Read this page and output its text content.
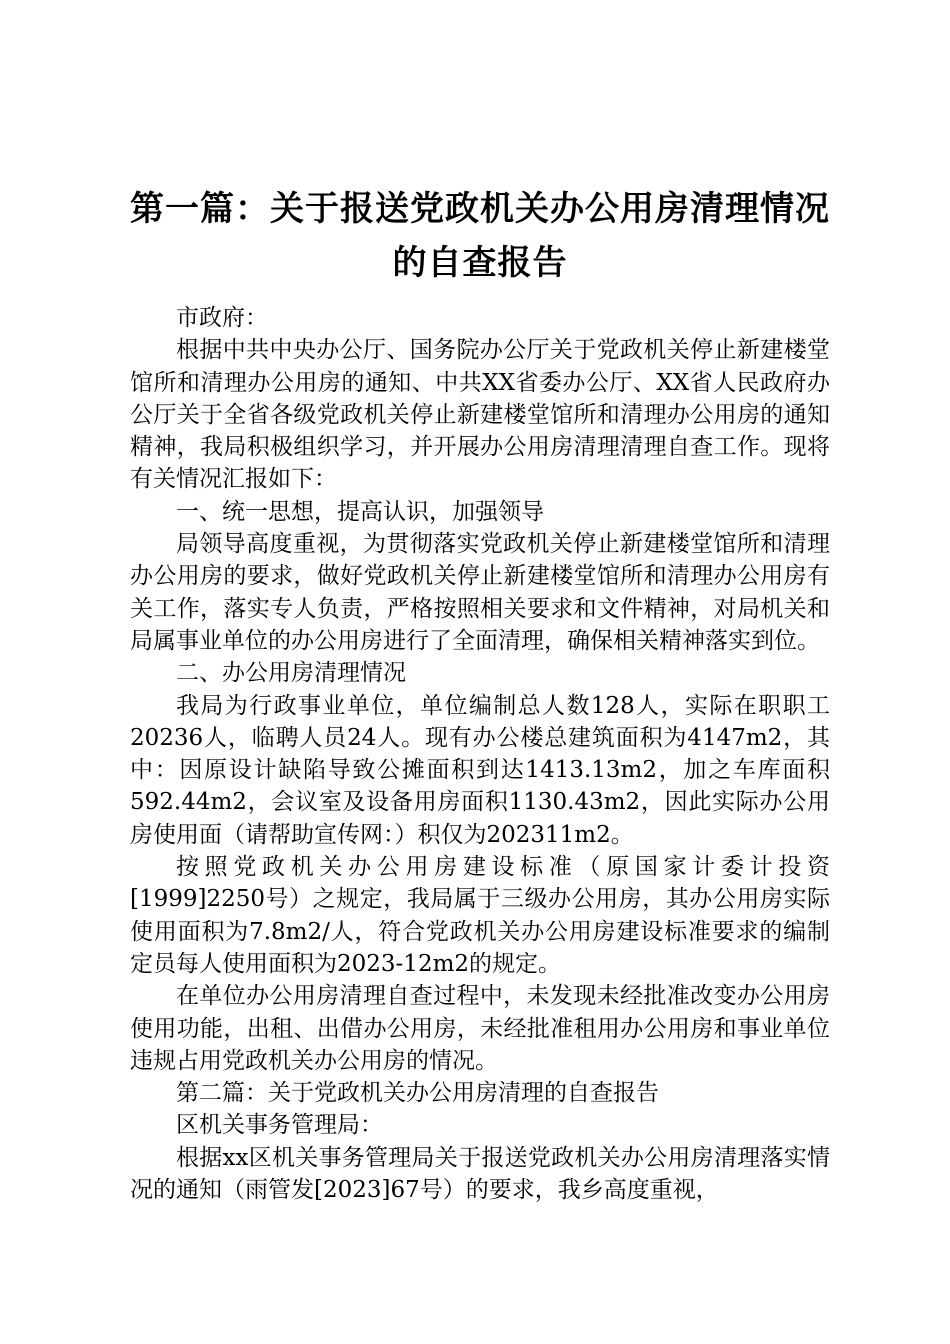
第一篇：关于报送党政机关办公用房清理情况
的自查报告

市政府：

根据中共中央办公厅、国务院办公厅关于党政机关停止新建楼堂馆所和清理办公用房的通知、中共XX省委办公厅、XX省人民政府办公厅关于全省各级党政机关停止新建楼堂馆所和清理办公用房的通知精神，我局积极组织学习，并开展办公用房清理清理自查工作。现将有关情况汇报如下：

一、统一思想，提高认识，加强领导

局领导高度重视，为贯彻落实党政机关停止新建楼堂馆所和清理办公用房的要求，做好党政机关停止新建楼堂馆所和清理办公用房有关工作，落实专人负责，严格按照相关要求和文件精神，对局机关和局属事业单位的办公用房进行了全面清理，确保相关精神落实到位。

二、办公用房清理情况

我局为行政事业单位，单位编制总人数128人，实际在职职工20236人，临聘人员24人。现有办公楼总建筑面积为4147m2，其中：因原设计缺陷导致公摊面积到达1413.13m2，加之车库面积592.44m2，会议室及设备用房面积1130.43m2，因此实际办公用房使用面（请帮助宣传网：）积仅为202311m2。

按照党政机关办公用房建设标准（原国家计委计投资[1999]2250号）之规定，我局属于三级办公用房，其办公用房实际使用面积为7.8m2/人，符合党政机关办公用房建设标准要求的编制定员每人使用面积为2023-12m2的规定。

在单位办公用房清理自查过程中，未发现未经批准改变办公用房使用功能，出租、出借办公用房，未经批准租用办公用房和事业单位违规占用党政机关办公用房的情况。

第二篇：关于党政机关办公用房清理的自查报告

区机关事务管理局：

根据xx区机关事务管理局关于报送党政机关办公用房清理落实情况的通知（雨管发[2023]67号）的要求，我乡高度重视，
